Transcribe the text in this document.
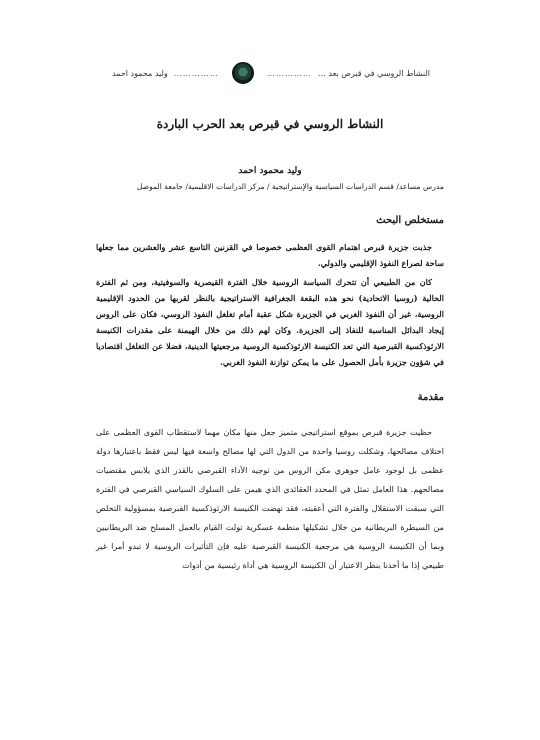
النشاط الروسي في قبرص بعد …
……………
……………
وليد محمود احمد
النشاط الروسي في قبرص بعد الحرب الباردة
وليد محمود احمد
مدرس مساعد/ قسم الدراسات السياسية والإستراتيجية / مركز الدراسات الاقليمية/ جامعة الموصل
مستخلص البحث

جذبت جزيرة قبرص اهتمام القوى العظمى خصوصا في القرنين التاسع عشر والعشرين مما جعلها ساحة لصراع النفوذ الإقليمي والدولي.

كان من الطبيعي أن تتحرك السياسة الروسية خلال الفترة القيصرية والسوفيتية، ومن ثم الفترة الحالية (روسيا الاتحادية) نحو هذه البقعة الجغرافية الاستراتيجية بالنظر لقربها من الحدود الإقليمية الروسية، غير أن النفوذ الغربي في الجزيرة شكل عقبة أمام تغلغل النفوذ الروسي، فكان على الروس إيجاد البدائل المناسبة للنفاذ إلى الجزيرة. وكان لهم ذلك من خلال الهيمنة على مقدرات الكنيسة الارثوذكسية القبرصية التي تعد الكنيسة الارثوذكسية الروسية مرجعيتها الدينية، فضلا عن التغلغل اقتصاديا في شؤون جزيرة بأمل الحصول على ما يمكن توازنة النفوذ الغربي.

مقدمة

حظيت جزيرة قبرص بموقع استراتيجي متميز جعل منها مكان مهما لاستقطاب القوى العظمى على اختلاف مصالحها، وشكلت روسيا واحدة من الدول التي لها مصالح واسعة فيها ليس فقط باعتبارها دولة عظمى بل لوجود عامل جوهري مكن الروس من توجيه الأداء القبرصي بالقدر الذي يلابس مقتضيات مصالحهم. هذا العامل تمثل في المحدد العقائدي الذي هيمن على السلوك السياسي القبرصي في الفترة التي سبقت الاستقلال والفترة التي أعقبته، فقد نهضت الكنيسة الارثوذكسية القبرصية بمسؤولية التخلص من السيطرة البريطانية من خلال تشكيلها منظمة عسكرية تولت القيام بالعمل المسلح ضد البريطانيين وبما أن الكنيسة الروسية هي مرجعية الكنيسة القبرصية عليه فإن التأثيرات الروسية لا تبدو أمرا غير طبيعي إذا ما أخذنا بنظر الاعتبار أن الكنيسة الروسية هي أداة رئيسية من أدوات
